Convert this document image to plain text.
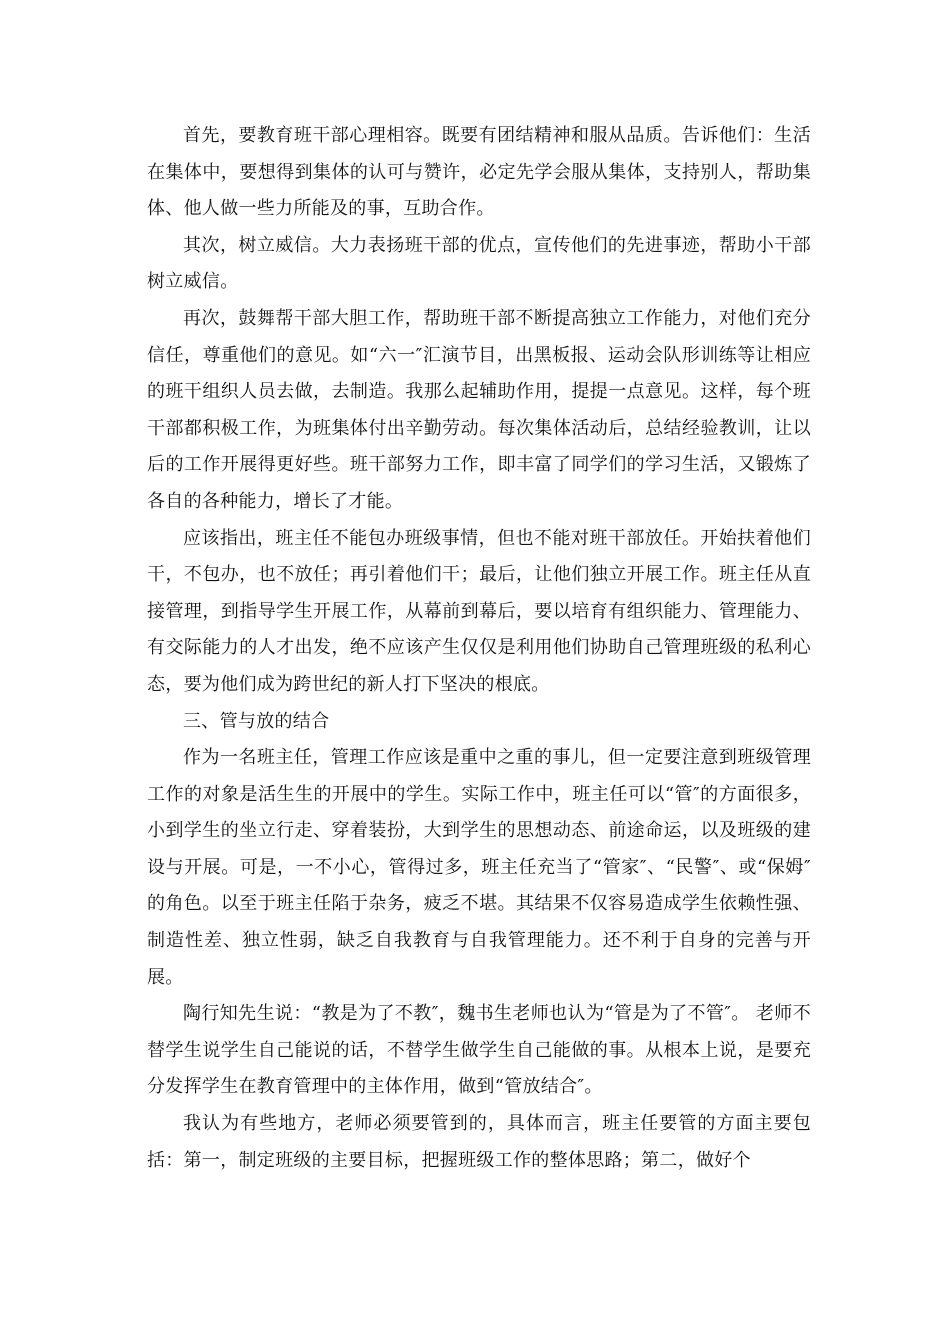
首先，要教育班干部心理相容。既要有团结精神和服从品质。告诉他们：生活在集体中，要想得到集体的认可与赞许，必定先学会服从集体，支持别人，帮助集体、他人做一些力所能及的事，互助合作。

其次，树立威信。大力表扬班干部的优点，宣传他们的先进事迹，帮助小干部树立威信。

再次，鼓舞帮干部大胆工作，帮助班干部不断提高独立工作能力，对他们充分信任，尊重他们的意见。如“六一″汇演节目，出黑板报、运动会队形训练等让相应的班干组织人员去做，去制造。我那么起辅助作用，提提一点意见。这样，每个班干部都积极工作，为班集体付出辛勤劳动。每次集体活动后，总结经验教训，让以后的工作开展得更好些。班干部努力工作，即丰富了同学们的学习生活，又锻炼了各自的各种能力，增长了才能。

应该指出，班主任不能包办班级事情，但也不能对班干部放任。开始扶着他们干，不包办，也不放任；再引着他们干；最后，让他们独立开展工作。班主任从直接管理，到指导学生开展工作，从幕前到幕后，要以培育有组织能力、管理能力、有交际能力的人才出发，绝不应该产生仅仅是利用他们协助自己管理班级的私利心态，要为他们成为跨世纪的新人打下坚决的根底。

三、管与放的结合

作为一名班主任，管理工作应该是重中之重的事儿，但一定要注意到班级管理工作的对象是活生生的开展中的学生。实际工作中，班主任可以“管″的方面很多，小到学生的坐立行走、穿着装扮，大到学生的思想动态、前途命运，以及班级的建设与开展。可是，一不小心，管得过多，班主任充当了“管家″、“民警″、或“保姆″的角色。以至于班主任陷于杂务，疲乏不堪。其结果不仅容易造成学生依赖性强、制造性差、独立性弱，缺乏自我教育与自我管理能力。还不利于自身的完善与开展。

陶行知先生说：“教是为了不教″，魏书生老师也认为“管是为了不管″。 老师不替学生说学生自己能说的话，不替学生做学生自己能做的事。从根本上说，是要充分发挥学生在教育管理中的主体作用，做到“管放结合″。

我认为有些地方，老师必须要管到的，具体而言，班主任要管的方面主要包括：第一，制定班级的主要目标，把握班级工作的整体思路；第二，做好个
